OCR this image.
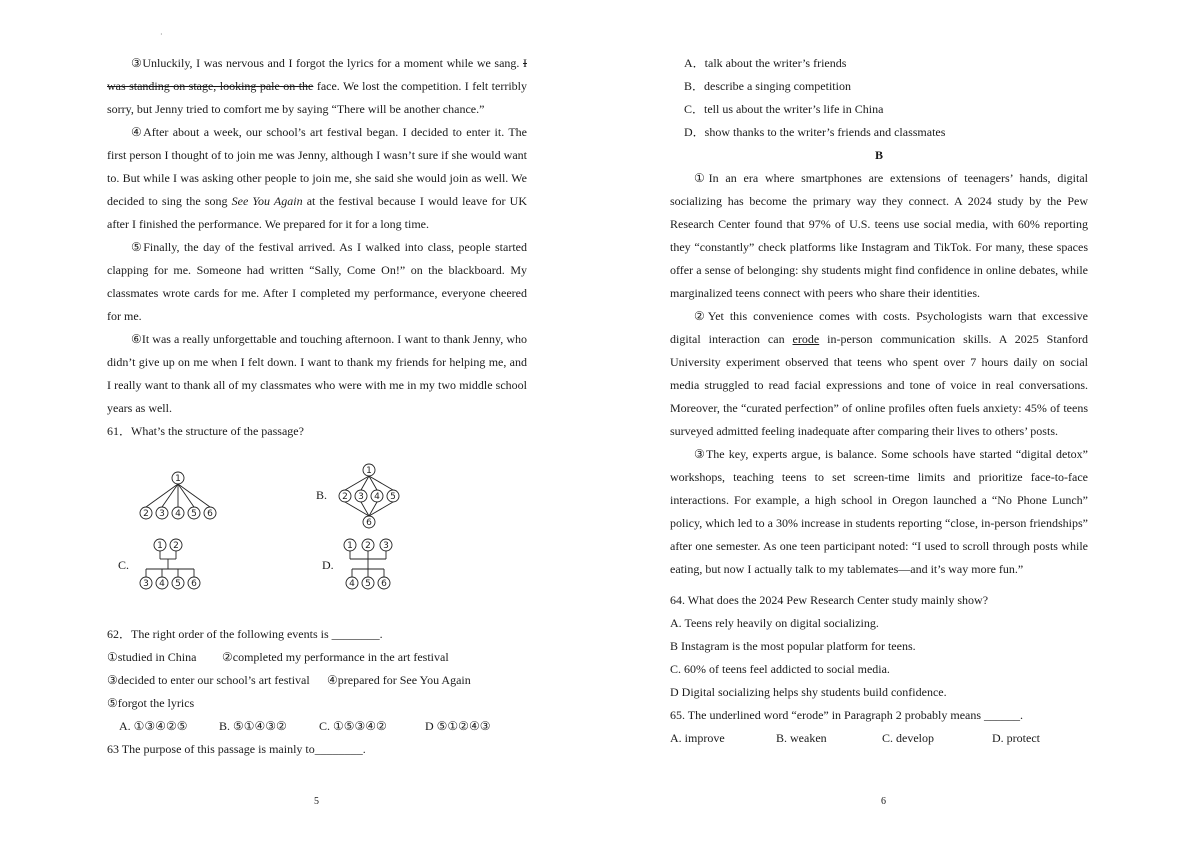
·

③Unluckily, I was nervous and I forgot the lyrics for a moment while we sang. I was standing on stage, looking pale on the face. We lost the competition. I felt terribly sorry, but Jenny tried to comfort me by saying “There will be another chance.”

④After about a week, our school’s art festival began. I decided to enter it. The first person I thought of to join me was Jenny, although I wasn’t sure if she would want to. But while I was asking other people to join me, she said she would join as well. We decided to sing the song See You Again at the festival because I would leave for UK after I finished the performance. We prepared for it for a long time.

⑤Finally, the day of the festival arrived. As I walked into class, people started clapping for me. Someone had written “Sally, Come On!” on the blackboard. My classmates wrote cards for me. After I completed my performance, everyone cheered for me.

⑥It was a really unforgettable and touching afternoon. I want to thank Jenny, who didn’t give up on me when I felt down. I want to thank my friends for helping me, and I really want to thank all of my classmates who were with me in my two middle school years as well.

61．What’s the structure of the passage?

1
2 3 4 5 6
B.
1
2 3 4 5
6
C.
1 2
3 4 5 6
D.
1 2 3
4 5 6

62．The right order of the following events is ________.

①studied in China	②completed my performance in the art festival
③decided to enter our school’s art festival	④prepared for See You Again

⑤forgot the lyrics

A. ①③④②⑤	B. ⑤①④③②	C. ①⑤③④②	D ⑤①②④③

63 The purpose of this passage is mainly to________.

5

A．talk about the writer’s friends

B．describe a singing competition

C．tell us about the writer’s life in China

D．show thanks to the writer’s friends and classmates

B

①In an era where smartphones are extensions of teenagers’ hands, digital socializing has become the primary way they connect. A 2024 study by the Pew Research Center found that 97% of U.S. teens use social media, with 60% reporting they “constantly” check platforms like Instagram and TikTok. For many, these spaces offer a sense of belonging: shy students might find confidence in online debates, while marginalized teens connect with peers who share their identities.

②Yet this convenience comes with costs. Psychologists warn that excessive digital interaction can erode in-person communication skills. A 2025 Stanford University experiment observed that teens who spent over 7 hours daily on social media struggled to read facial expressions and tone of voice in real conversations. Moreover, the “curated perfection” of online profiles often fuels anxiety: 45% of teens surveyed admitted feeling inadequate after comparing their lives to others’ posts.

③The key, experts argue, is balance. Some schools have started “digital detox” workshops, teaching teens to set screen-time limits and prioritize face-to-face interactions. For example, a high school in Oregon launched a “No Phone Lunch” policy, which led to a 30% increase in students reporting “close, in-person friendships” after one semester. As one teen participant noted: “I used to scroll through posts while eating, but now I actually talk to my tablemates—and it’s way more fun.”

64. What does the 2024 Pew Research Center study mainly show?

A. Teens rely heavily on digital socializing.

B Instagram is the most popular platform for teens.

C. 60% of teens feel addicted to social media.

D Digital socializing helps shy students build confidence.

65. The underlined word “erode” in Paragraph 2 probably means ______.

A. improve	B. weaken	C. develop	D. protect
6
